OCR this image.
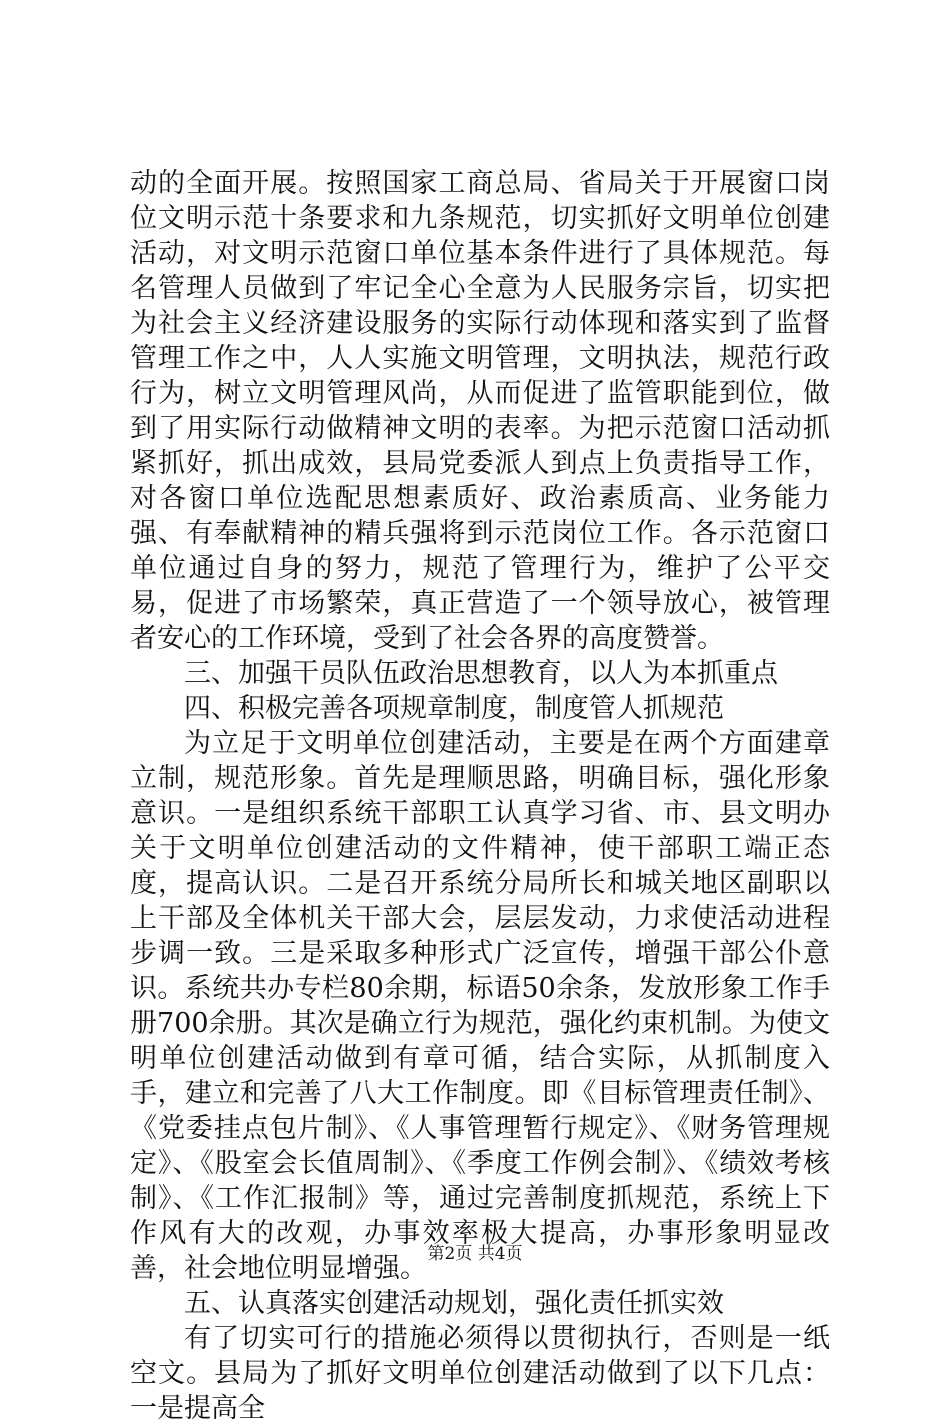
动的全面开展。按照国家工商总局、省局关于开展窗口岗位文明示范十条要求和九条规范，切实抓好文明单位创建活动，对文明示范窗口单位基本条件进行了具体规范。每名管理人员做到了牢记全心全意为人民服务宗旨，切实把为社会主义经济建设服务的实际行动体现和落实到了监督管理工作之中，人人实施文明管理，文明执法，规范行政行为，树立文明管理风尚，从而促进了监管职能到位，做到了用实际行动做精神文明的表率。为把示范窗口活动抓紧抓好，抓出成效，县局党委派人到点上负责指导工作，对各窗口单位选配思想素质好、政治素质高、业务能力强、有奉献精神的精兵强将到示范岗位工作。各示范窗口单位通过自身的努力，规范了管理行为，维护了公平交易，促进了市场繁荣，真正营造了一个领导放心，被管理者安心的工作环境，受到了社会各界的高度赞誉。

三、加强干员队伍政治思想教育，以人为本抓重点

四、积极完善各项规章制度，制度管人抓规范

为立足于文明单位创建活动，主要是在两个方面建章立制，规范形象。首先是理顺思路，明确目标，强化形象意识。一是组织系统干部职工认真学习省、市、县文明办关于文明单位创建活动的文件精神，使干部职工端正态度，提高认识。二是召开系统分局所长和城关地区副职以上干部及全体机关干部大会，层层发动，力求使活动进程步调一致。三是采取多种形式广泛宣传，增强干部公仆意识。系统共办专栏80余期，标语50余条，发放形象工作手册700余册。其次是确立行为规范，强化约束机制。为使文明单位创建活动做到有章可循，结合实际，从抓制度入手，建立和完善了八大工作制度。即《目标管理责任制》、《党委挂点包片制》、《人事管理暂行规定》、《财务管理规定》、《股室会长值周制》、《季度工作例会制》、《绩效考核制》、《工作汇报制》等，通过完善制度抓规范，系统上下作风有大的改观，办事效率极大提高，办事形象明显改善，社会地位明显增强。

五、认真落实创建活动规划，强化责任抓实效

有了切实可行的措施必须得以贯彻执行，否则是一纸空文。县局为了抓好文明单位创建活动做到了以下几点：一是提高全

第2页 共4页
